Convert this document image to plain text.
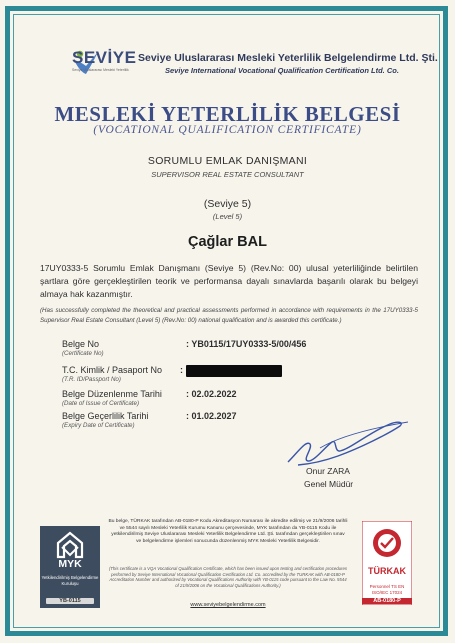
SEVİYE
Seviye Uluslararası Mesleki Yeterlilik
Seviye Uluslararası Mesleki Yeterlilik Belgelendirme Ltd. Şti.
Seviye International Vocational Qualification Certification Ltd. Co.
MESLEKİ YETERLİLİK BELGESİ
(VOCATIONAL QUALIFICATION CERTIFICATE)
SORUMLU EMLAK DANIŞMANI
SUPERVISOR REAL ESTATE CONSULTANT
(Seviye 5)
(Level 5)
Çağlar BAL
17UY0333-5 Sorumlu Emlak Danışmanı (Seviye 5) (Rev.No: 00) ulusal yeterliliğinde belirtilen şartlara göre gerçekleştirilen teorik ve performansa dayalı sınavlarda başarılı olarak bu belgeyi almaya hak kazanmıştır.
(Has successfully completed the theoretical and practical assessments performed in accordance with requirements in the 17UY0333-5 Supervisor Real Estate Consultant (Level 5) (Rev.No: 00) national qualification and is awarded this certificate.)
Belge No
(Certificate No)
: YB0115/17UY0333-5/00/456
T.C. Kimlik / Pasaport No
(T.R. ID/Passport No)
:
Belge Düzenlenme Tarihi
(Date of Issue of Certificate)
: 02.02.2022
Belge Geçerlilik Tarihi
(Expiry Date of Certificate)
: 01.02.2027
Onur ZARA
Genel Müdür
MYK
Yetkilendirilmiş Belgelendirme Kuruluşu
YB-0115
Bu belge, TÜRKAK tarafından AB-0180-P Kodu Akreditasyon Numarası ile akredite edilmiş ve 21/9/2006 tarihli ve 5544 sayılı Mesleki Yeterlilik Kurumu Kanunu çerçevesinde, MYK tarafından da YB-0115 Kodu ile yetkilendirilmiş Seviye Uluslararası Mesleki Yeterlilik Belgelendirme Ltd. Şti. tarafından gerçekleştirilen sınav ve belgelendirme işlemleri sonucunda düzenlenmiş MYK Mesleki Yeterlilik Belgesidir.
(This certificate is a VQA Vocational Qualification Certificate, which has been issued upon testing and certification procedures performed by Seviye International Vocational Qualification Certification Ltd. Co. accredited by the TURKAK with AB-0180-P Accreditation Number and authorized by Vocational Qualifications Authority with YB-0115 code pursuant to the Law No. 5544 of 21/9/2006 on the Vocational Qualifications Authority.)
www.seviyebelgelendirme.com
TÜRKAK
Personnel TS EN ISO/IEC 17024
AB-0180-P
